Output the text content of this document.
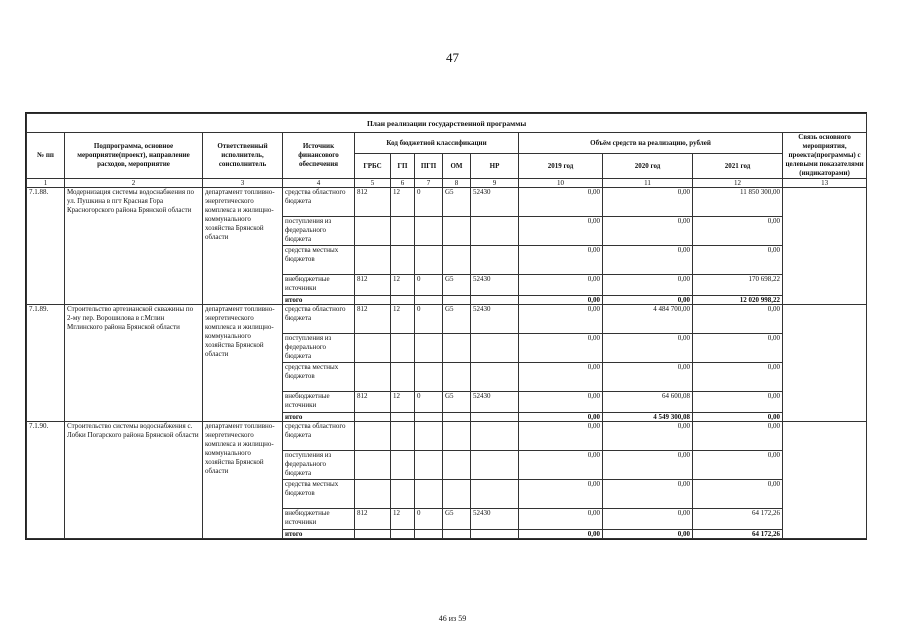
47
План реализации государственной программы												
№ пп	Подпрограмма, основное мероприятие(проект), направление расходов, мероприятие	Ответственный исполнитель, соисполнитель	Источник финансового обеспечения	Код бюджетной классификации					Объём средств на реализацию, рублей			Связь основного мероприятия, проекта(программы) с целевыми показателями (индикаторами)
				ГРБС	ГП	ПГП	ОМ	НР	2019 год	2020 год	2021 год	
1	2	3	4	5	6	7	8	9	10	11	12	13
7.1.88.	Модернизация системы водоснабжения по ул. Пушкина в пгт Красная Гора Красногорского района Брянской области	департамент топливно-энергетического комплекса и жилищно-коммунального хозяйства Брянской области	средства областного бюджета	812	12	0	G5	52430	0,00	0,00	11 850 300,00	
			поступления из федерального бюджета						0,00	0,00	0,00	
			средства местных бюджетов						0,00	0,00	0,00	
			внебюджетные источники	812	12	0	G5	52430	0,00	0,00	170 698,22	
			итого						0,00	0,00	12 020 998,22	
7.1.89.	Строительство артезианской скважины по 2-му пер. Ворошилова в г.Мглин Мглинского района Брянской области	департамент топливно-энергетического комплекса и жилищно-коммунального хозяйства Брянской области	средства областного бюджета	812	12	0	G5	52430	0,00	4 484 700,00	0,00	
			поступления из федерального бюджета						0,00	0,00	0,00	
			средства местных бюджетов						0,00	0,00	0,00	
			внебюджетные источники	812	12	0	G5	52430	0,00	64 600,08	0,00	
			итого						0,00	4 549 300,08	0,00	
7.1.90.	Строительство системы водоснабжения с. Лобки Погарского района Брянской области	департамент топливно-энергетического комплекса и жилищно-коммунального хозяйства Брянской области	средства областного бюджета						0,00	0,00	0,00	
			поступления из федерального бюджета						0,00	0,00	0,00	
			средства местных бюджетов						0,00	0,00	0,00	
			внебюджетные источники	812	12	0	G5	52430	0,00	0,00	64 172,26	
			итого						0,00	0,00	64 172,26	
46 из 59
